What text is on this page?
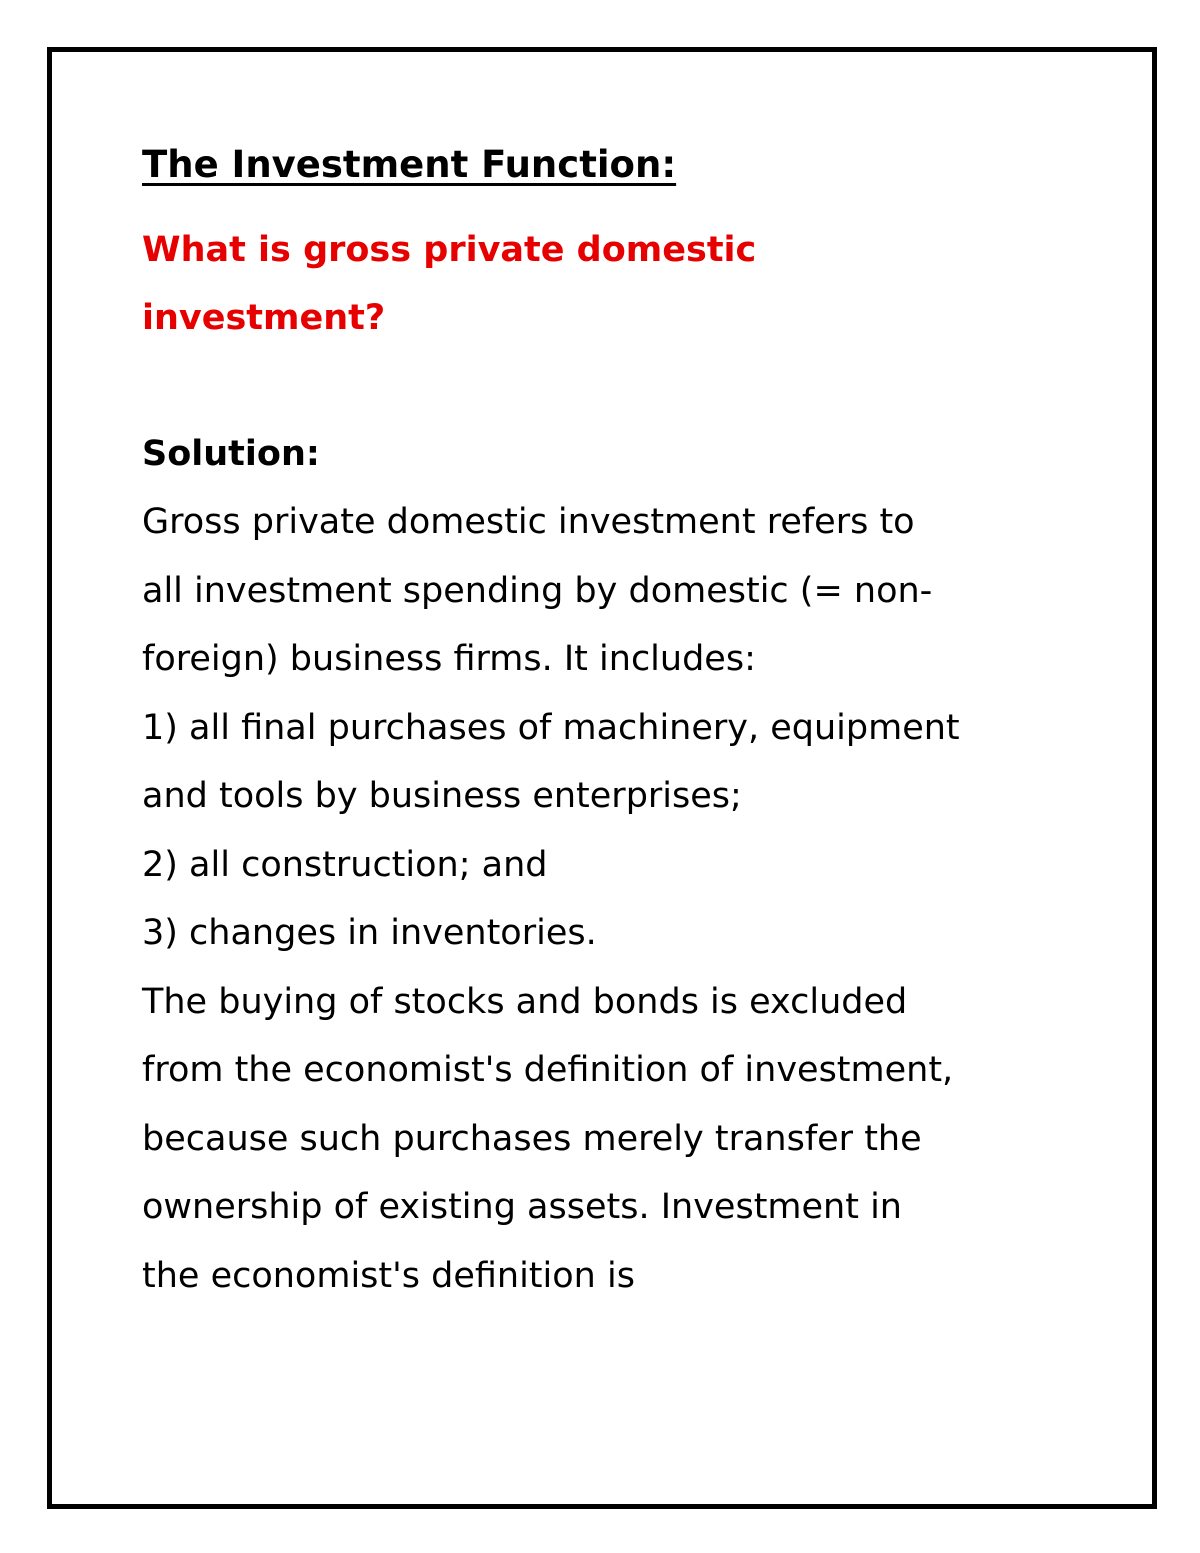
The Investment Function:
What is gross private domestic
investment?

Solution:

Gross private domestic investment refers to
all investment spending by domestic (= non-
foreign) business firms. It includes:
1) all final purchases of machinery, equipment
and tools by business enterprises;
2) all construction; and
3) changes in inventories.
The buying of stocks and bonds is excluded
from the economist's definition of investment,
because such purchases merely transfer the
ownership of existing assets. Investment in
the economist's definition is
